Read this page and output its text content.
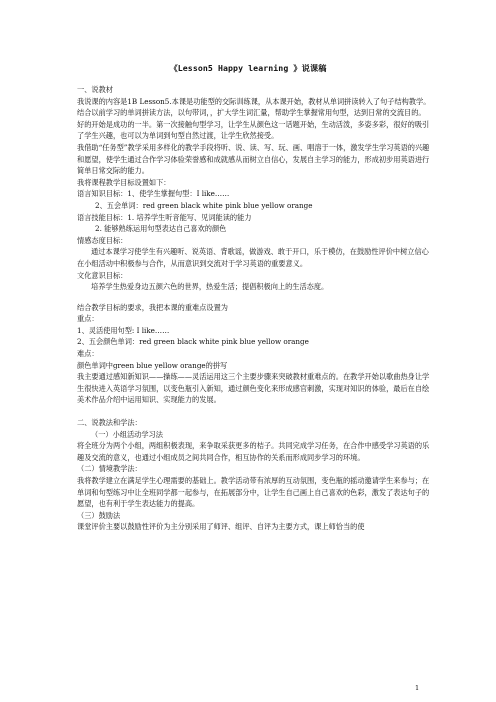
《Lesson5 Happy learning 》说课稿

一、说教材

我说课的内容是1B Lesson5.本课是功能型的交际训练课，从本课开始，教材从单词拼读转入了句子结构教学。结合以前学习的单词拼读方法，以句带词，，扩大学生词汇量，帮助学生掌握常用句型，达到日常的交流目的。

好的开始是成功的一半。第一次接触句型学习，让学生从颜色这一话题开始，生动活泼，多姿多彩，很好的吸引了学生兴趣，也可以为单词到句型自然过渡，让学生欣然接受。

我借助“任务型”教学采用多样化的教学手段将听、说、读、写、玩、画、唱溶于一体，激发学生学习英语的兴趣和愿望，使学生通过合作学习体验荣誉感和成就感从而树立自信心，发展自主学习的能力，形成初步用英语进行简单日常交际的能力。

我将课程教学目标设置如下：

语言知识目标：1、使学生掌握句型：I like……

2、五会单词：red green black white pink blue yellow orange

语言技能目标：1. 培养学生听音能写、见词能读的能力

2. 能够熟练运用句型表达自己喜欢的颜色

情感态度目标：

通过本课学习使学生有兴趣听、说英语、背歌谣，做游戏、敢于开口，乐于模仿，在鼓励性评价中树立信心在小组活动中积极参与合作，从而意识到交流对于学习英语的重要意义。

文化意识目标：

培养学生热爱身边五颜六色的世界，热爱生活；提倡积极向上的生活态度。

结合教学目标的要求，我把本课的重难点设置为

重点：

1、灵活使用句型: I like……

2、五会颜色单词：red green black white pink blue yellow orange

难点：

颜色单词中green blue yellow orange的拼写

我主要通过感知新知识——操练——灵活运用这三个主要步骤来突破教材重难点的。在教学开始以歌曲热身让学生很快进入英语学习氛围，以变色瓶引入新知，通过颜色变化来形成感官刺激，实现对知识的体验，最后在自绘美术作品介绍中运用知识、实现能力的发展。

二、说教法和学法：

（一）小组活动学习法

将全班分为两个小组，两组积极表现，来争取采获更多的桔子。共同完成学习任务，在合作中感受学习英语的乐趣及交流的意义，也通过小组成员之间共同合作，相互协作的关系而形成同步学习的环境。

（二）情境教学法：

我将教学建立在满足学生心理需要的基础上。教学活动带有浓厚的互动氛围，变色瓶的摇动邀请学生来参与；在单词和句型练习中让全班同学都一起参与，在拓展部分中，让学生自己画上自己喜欢的色彩，激发了表达句子的愿望，也有利于学生表达能力的提高。

（三）鼓励法

课堂评价主要以鼓励性评价为主分别采用了师评、组评、自评为主要方式，课上师恰当的使

1
